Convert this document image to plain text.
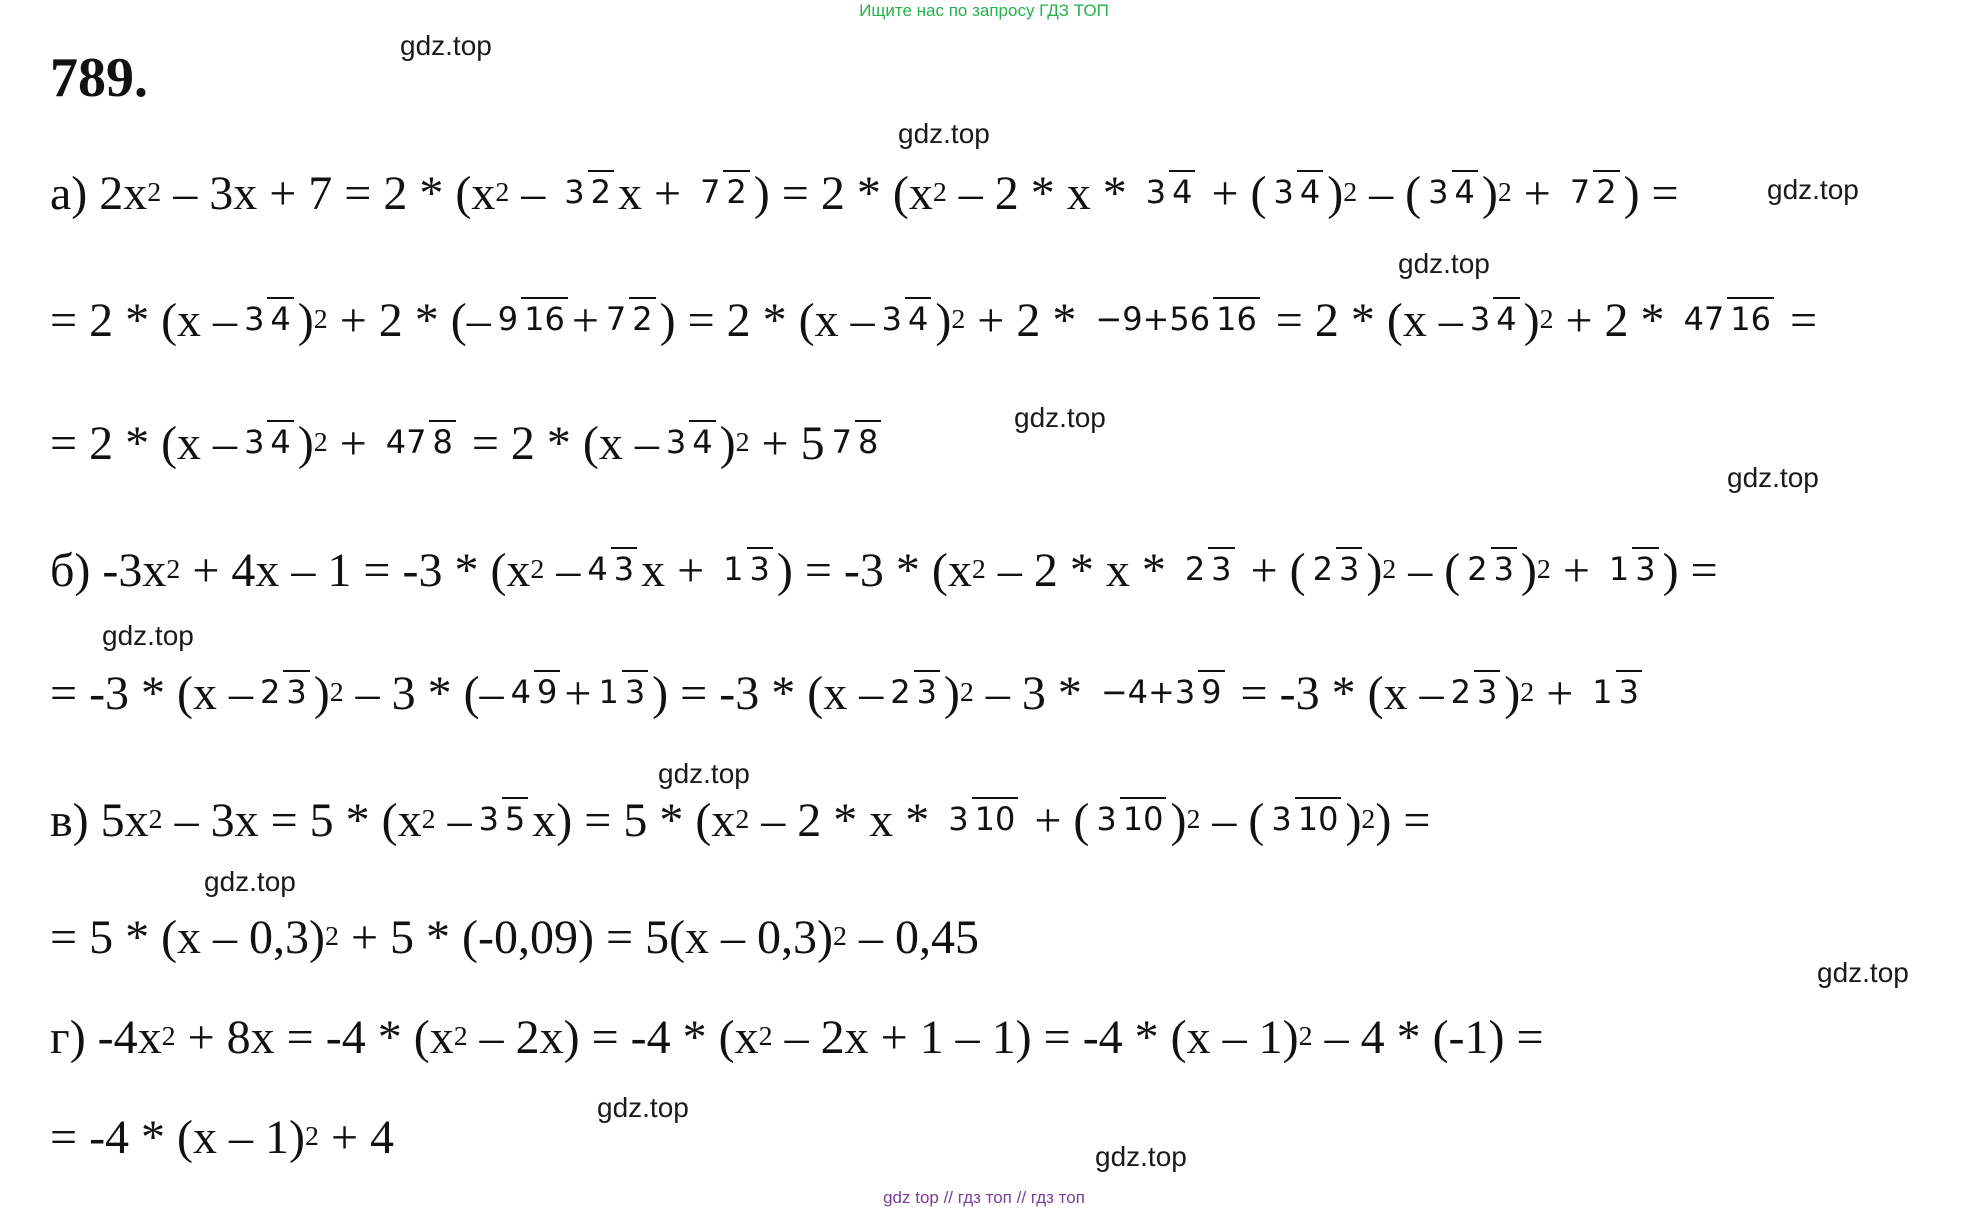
Ищите нас по запросу ГДЗ ТОП
789.
а) 2x 2 – 3x + 7 = 2 * (x 2 – 3 2 x + 7 2 ) = 2 * (x 2 – 2 * x * 3 4 + ( 3 4 ) 2 – ( 3 4 ) 2 + 7 2 ) =
= 2 * (x – 3 4 ) 2 + 2 * (– 9 16 + 7 2 ) = 2 * (x – 3 4 ) 2 + 2 * −9+56 16 = 2 * (x – 3 4 ) 2 + 2 * 47 16 =
= 2 * (x – 3 4 ) 2 + 47 8 = 2 * (x – 3 4 ) 2 + 5 7 8
б) -3x 2 + 4x – 1 = -3 * (x 2 – 4 3 x + 1 3 ) = -3 * (x 2 – 2 * x * 2 3 + ( 2 3 ) 2 – ( 2 3 ) 2 + 1 3 ) =
= -3 * (x – 2 3 ) 2 – 3 * (– 4 9 + 1 3 ) = -3 * (x – 2 3 ) 2 – 3 * −4+3 9 = -3 * (x – 2 3 ) 2 + 1 3
в) 5x 2 – 3x = 5 * (x 2 – 3 5 x) = 5 * (x 2 – 2 * x * 3 10 + ( 3 10 ) 2 – ( 3 10 ) 2 ) =
= 5 * (x – 0,3) 2 + 5 * (-0,09) = 5(x – 0,3) 2 – 0,45
г) -4x 2 + 8x = -4 * (x 2 – 2x) = -4 * (x 2 – 2x + 1 – 1) = -4 * (x – 1) 2 – 4 * (-1) =
= -4 * (x – 1) 2 + 4
gdz.top
gdz.top
gdz.top
gdz.top
gdz.top
gdz.top
gdz.top
gdz.top
gdz.top
gdz.top
gdz.top
gdz.top
gdz top // гдз топ // гдз топ
